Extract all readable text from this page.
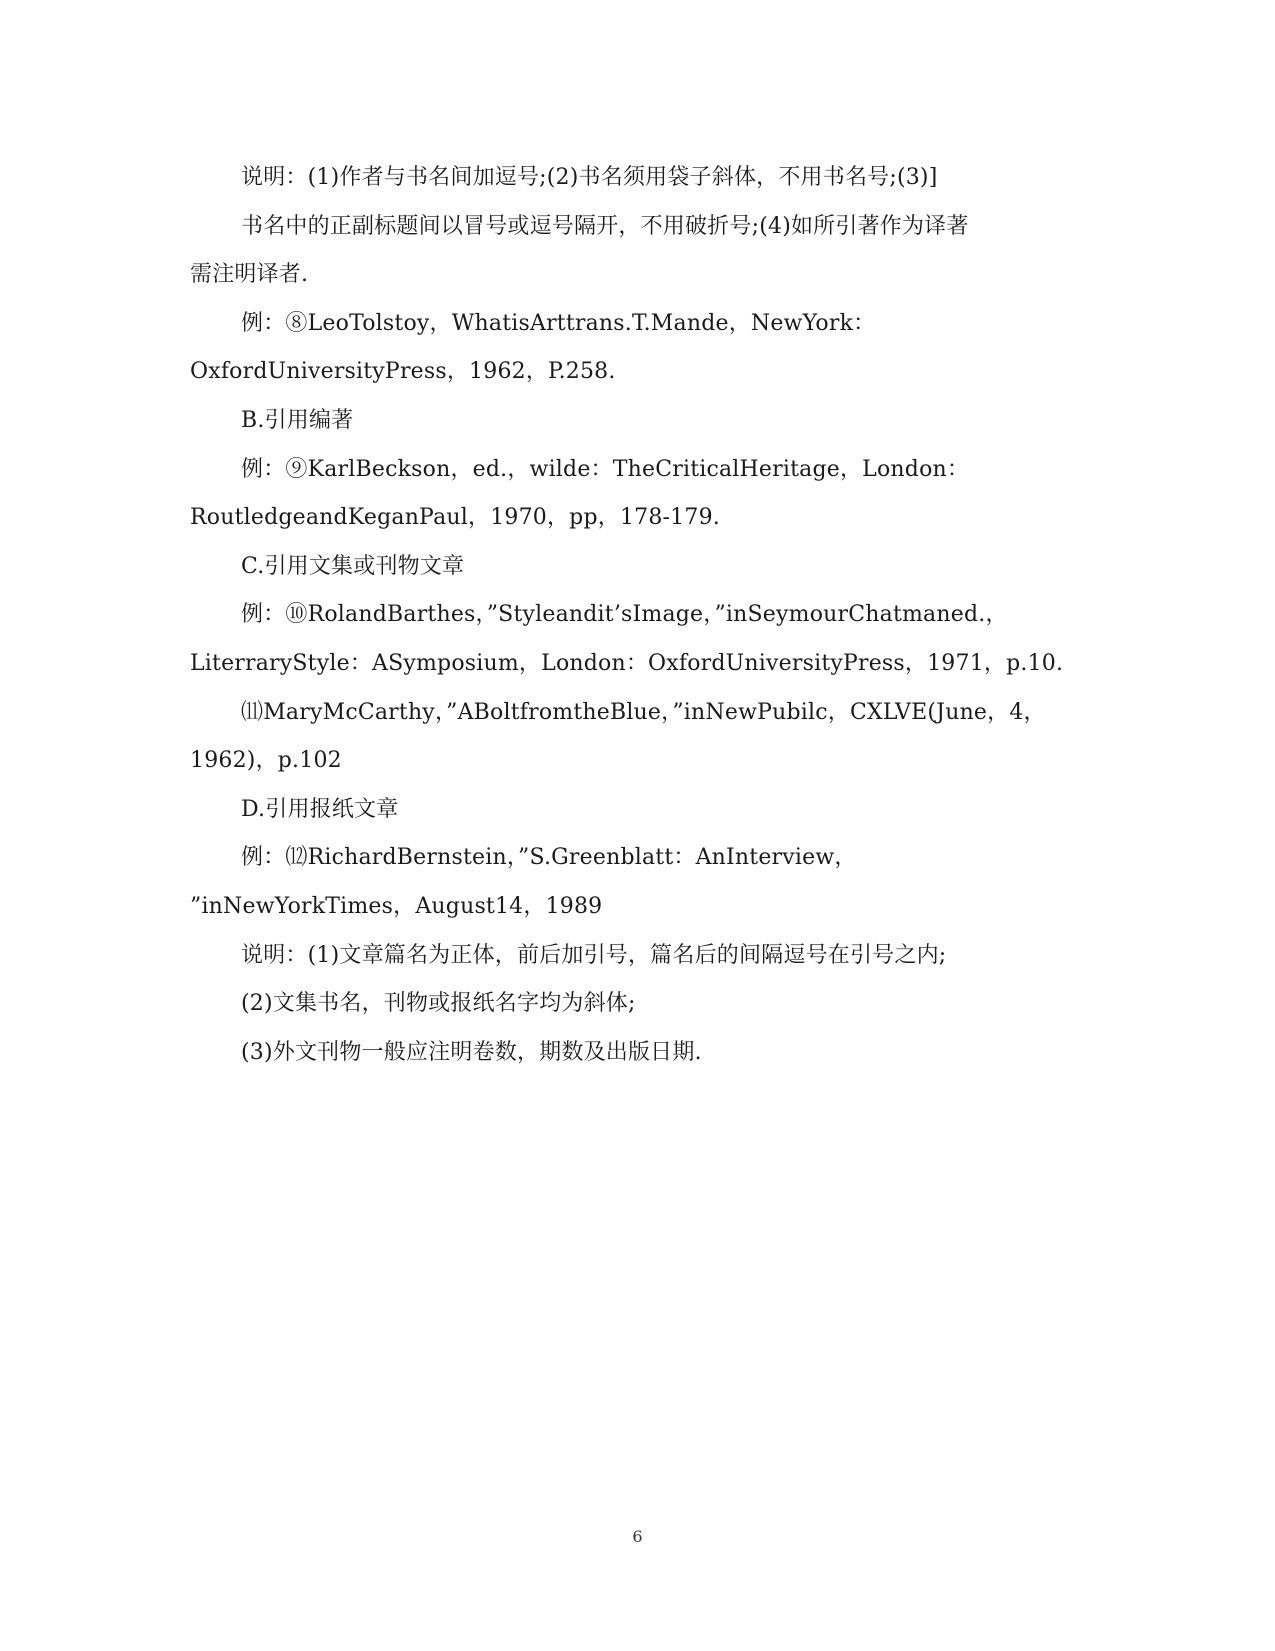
说明：(1)作者与书名间加逗号;(2)书名须用袋子斜体，不用书名号;(3)]
书名中的正副标题间以冒号或逗号隔开，不用破折号;(4)如所引著作为译著
需注明译者.
例：⑧LeoTolstoy，WhatisArttrans.T.Mande，NewYork：
OxfordUniversityPress，1962，P.258.
B.引用编著
例：⑨KarlBeckson，ed.，wilde：TheCriticalHeritage，London：
RoutledgeandKeganPaul，1970，pp，178-179.
C.引用文集或刊物文章
例：⑩RolandBarthes，”Styleandit’sImage，”inSeymourChatmaned.，
LiterraryStyle：ASymposium，London：OxfordUniversityPress，1971，p.10.
⑾MaryMcCarthy，”ABoltfromtheBlue，”inNewPubilc，CXLVE(June，4，
1962)，p.102
D.引用报纸文章
例：⑿RichardBernstein，”S.Greenblatt：AnInterview，
”inNewYorkTimes，August14，1989
说明：(1)文章篇名为正体，前后加引号，篇名后的间隔逗号在引号之内;
(2)文集书名，刊物或报纸名字均为斜体;
(3)外文刊物一般应注明卷数，期数及出版日期.
6
